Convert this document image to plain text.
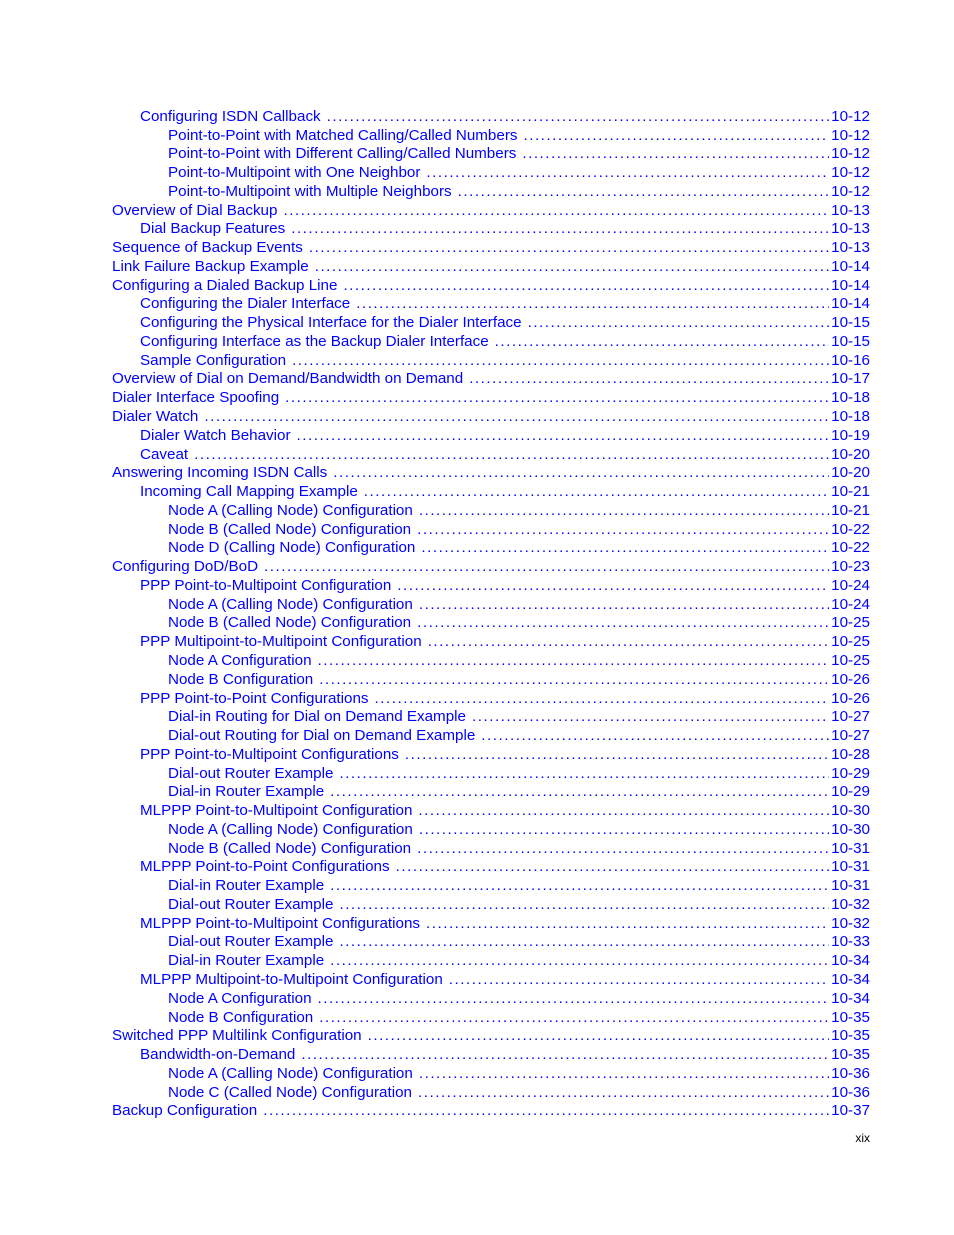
Configuring ISDN Callback . . .	10-12
Point-to-Point with Matched Calling/Called Numbers . . .	10-12
Point-to-Point with Different Calling/Called Numbers . . .	10-12
Point-to-Multipoint with One Neighbor . . .	10-12
Point-to-Multipoint with Multiple Neighbors . . .	10-12
Overview of Dial Backup . . .	10-13
Dial Backup Features . . .	10-13
Sequence of Backup Events . . .	10-13
Link Failure Backup Example . . .	10-14
Configuring a Dialed Backup Line . . .	10-14
Configuring the Dialer Interface . . .	10-14
Configuring the Physical Interface for the Dialer Interface . . .	10-15
Configuring Interface as the Backup Dialer Interface . . .	10-15
Sample Configuration . . .	10-16
Overview of Dial on Demand/Bandwidth on Demand . . .	10-17
Dialer Interface Spoofing . . .	10-18
Dialer Watch . . .	10-18
Dialer Watch Behavior . . .	10-19
Caveat . . .	10-20
Answering Incoming ISDN Calls . . .	10-20
Incoming Call Mapping Example . . .	10-21
Node A (Calling Node) Configuration . . .	10-21
Node B (Called Node) Configuration . . .	10-22
Node D (Calling Node) Configuration . . .	10-22
Configuring DoD/BoD . . .	10-23
PPP Point-to-Multipoint Configuration . . .	10-24
Node A (Calling Node) Configuration . . .	10-24
Node B (Called Node) Configuration . . .	10-25
PPP Multipoint-to-Multipoint Configuration . . .	10-25
Node A Configuration . . .	10-25
Node B Configuration . . .	10-26
PPP Point-to-Point Configurations . . .	10-26
Dial-in Routing for Dial on Demand Example . . .	10-27
Dial-out Routing for Dial on Demand Example . . .	10-27
PPP Point-to-Multipoint Configurations . . .	10-28
Dial-out Router Example . . .	10-29
Dial-in Router Example . . .	10-29
MLPPP Point-to-Multipoint Configuration . . .	10-30
Node A (Calling Node) Configuration . . .	10-30
Node B (Called Node) Configuration . . .	10-31
MLPPP Point-to-Point Configurations . . .	10-31
Dial-in Router Example . . .	10-31
Dial-out Router Example . . .	10-32
MLPPP Point-to-Multipoint Configurations . . .	10-32
Dial-out Router Example . . .	10-33
Dial-in Router Example . . .	10-34
MLPPP Multipoint-to-Multipoint Configuration . . .	10-34
Node A Configuration . . .	10-34
Node B Configuration . . .	10-35
Switched PPP Multilink Configuration . . .	10-35
Bandwidth-on-Demand . . .	10-35
Node A (Calling Node) Configuration . . .	10-36
Node C (Called Node) Configuration . . .	10-36
Backup Configuration . . .	10-37
xix
